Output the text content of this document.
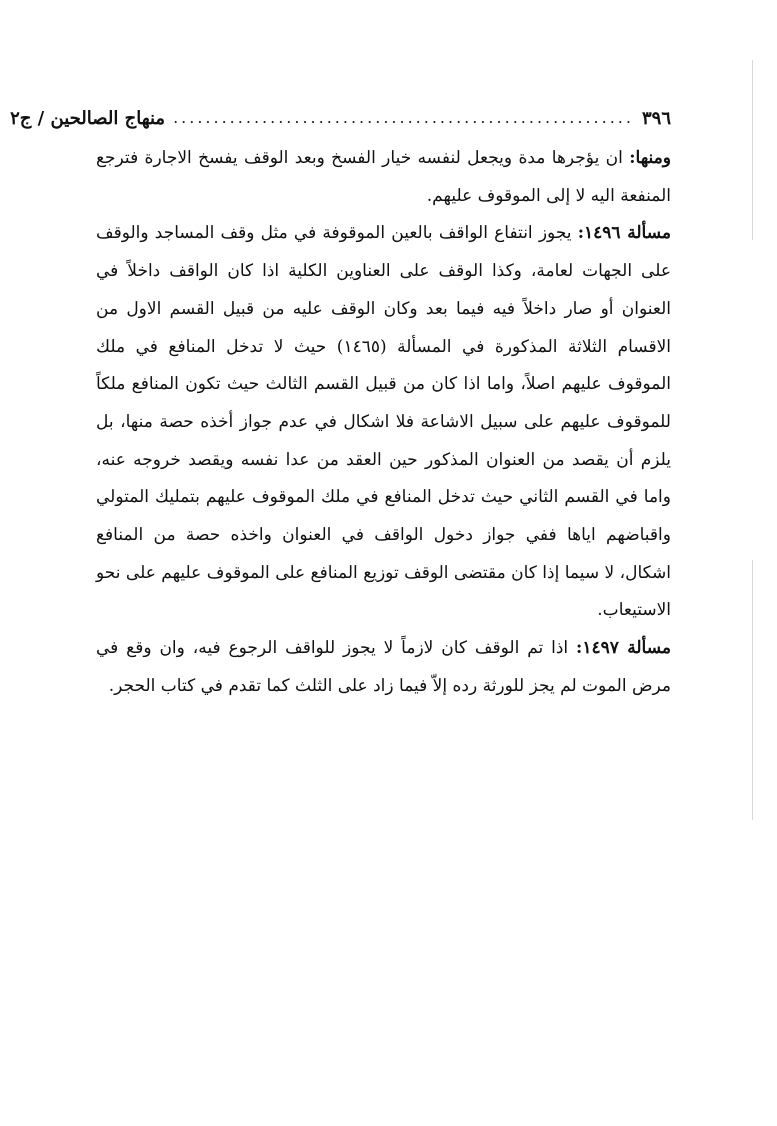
٣٩٦
.........................................................
منهاج الصالحين / ج٢

ومنها: ان يؤجرها مدة ويجعل لنفسه خيار الفسخ وبعد الوقف يفسخ الاجارة فترجع المنفعة اليه لا إلى الموقوف عليهم.

مسألة ١٤٩٦: يجوز انتفاع الواقف بالعين الموقوفة في مثل وقف المساجد والوقف على الجهات لعامة، وكذا الوقف على العناوين الكلية اذا كان الواقف داخلاً في العنوان أو صار داخلاً فيه فيما بعد وكان الوقف عليه من قبيل القسم الاول من الاقسام الثلاثة المذكورة في المسألة (١٤٦٥) حيث لا تدخل المنافع في ملك الموقوف عليهم اصلاً، واما اذا كان من قبيل القسم الثالث حيث تكون المنافع ملكاً للموقوف عليهم على سبيل الاشاعة فلا اشكال في عدم جواز أخذه حصة منها، بل يلزم أن يقصد من العنوان المذكور حين العقد من عدا نفسه ويقصد خروجه عنه، واما في القسم الثاني حيث تدخل المنافع في ملك الموقوف عليهم بتمليك المتولي واقباضهم اياها ففي جواز دخول الواقف في العنوان واخذه حصة من المنافع اشكال، لا سيما إذا كان مقتضى الوقف توزيع المنافع على الموقوف عليهم على نحو الاستيعاب.

مسألة ١٤٩٧: اذا تم الوقف كان لازماً لا يجوز للواقف الرجوع فيه، وان وقع في مرض الموت لم يجز للورثة رده إلاّ فيما زاد على الثلث كما تقدم في كتاب الحجر.
